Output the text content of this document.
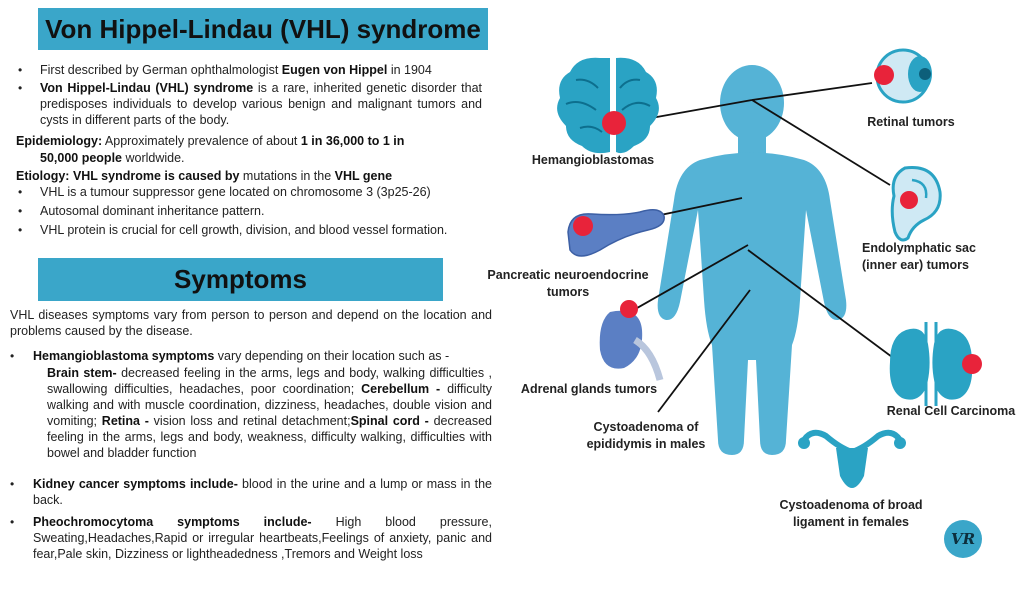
Von Hippel-Lindau (VHL) syndrome
• First described by German ophthalmologist Eugen von Hippel in 1904
• Von Hippel-Lindau (VHL) syndrome is a rare, inherited genetic disorder that predisposes individuals to develop various benign and malignant tumors and cysts in different parts of the body.
Epidemiology: Approximately prevalence of about 1 in 36,000 to 1 in
50,000 people worldwide.
Etiology: VHL syndrome is caused by mutations in the VHL gene
• VHL is a tumour suppressor gene located on chromosome 3 (3p25-26)
• Autosomal dominant inheritance pattern.
• VHL protein is crucial for cell growth, division, and blood vessel formation.
Symptoms
VHL diseases symptoms vary from person to person and depend on the location and problems caused by the disease.
• Hemangioblastoma symptoms vary depending on their location such as -
Brain stem- decreased feeling in the arms, legs and body, walking difficulties , swallowing difficulties, headaches, poor coordination; Cerebellum - difficulty walking and with muscle coordination, dizziness, headaches, double vision and vomiting; Retina - vision loss and retinal detachment;Spinal cord - decreased feeling in the arms, legs and body, weakness, difficulty walking, difficulties with bowel and bladder function
• Kidney cancer symptoms include- blood in the urine and a lump or mass in the back.
• Pheochromocytoma symptoms include- High blood pressure, Sweating,Headaches,Rapid or irregular heartbeats,Feelings of anxiety, panic and fear,Pale skin, Dizziness or lightheadedness ,Tremors and Weight loss
Hemangioblastomas
Retinal tumors
Endolymphatic sac
(inner ear) tumors
Pancreatic neuroendocrine
tumors
Adrenal glands tumors
Renal Cell Carcinoma
Cystoadenoma of
epididymis in males
Cystoadenoma of broad
ligament in females
VR
